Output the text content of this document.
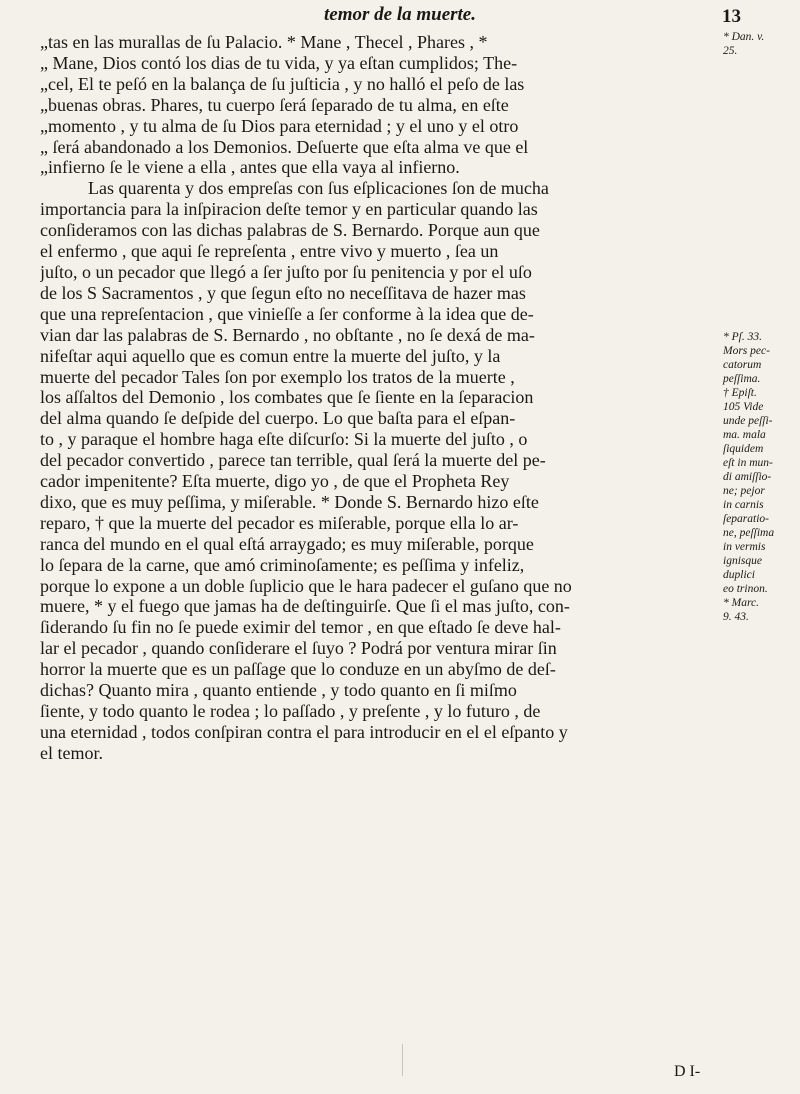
temor de la muerte.	13
„tas en las murallas de ſu Palacio. * Mane , Thecel , Phares , *
„ Mane, Dios contó los dias de tu vida, y ya eſtan cumplidos; The-
„cel, El te peſó en la balança de ſu juſticia , y no halló el peſo de las
„buenas obras. Phares, tu cuerpo ſerá ſeparado de tu alma, en eſte
„momento , y tu alma de ſu Dios para eternidad ; y el uno y el otro
„ ſerá abandonado a los Demonios. Deſuerte que eſta alma ve que el
„infierno ſe le viene a ella , antes que ella vaya al infierno.
Las quarenta y dos empreſas con ſus eſplicaciones ſon de mucha
importancia para la inſpiracion deſte temor y en particular quando las
conſideramos con las dichas palabras de S. Bernardo. Porque aun que
el enfermo , que aqui ſe repreſenta , entre vivo y muerto , ſea un
juſto, o un pecador que llegó a ſer juſto por ſu penitencia y por el uſo
de los S Sacramentos , y que ſegun eſto no neceſſitava de hazer mas
que una repreſentacion , que vinieſſe a ſer conforme à la idea que de-
vian dar las palabras de S. Bernardo , no obſtante , no ſe dexá de ma-
nifeſtar aqui aquello que es comun entre la muerte del juſto, y la
muerte del pecador Tales ſon por exemplo los tratos de la muerte ,
los aſſaltos del Demonio , los combates que ſe ſiente en la ſeparacion
del alma quando ſe deſpide del cuerpo. Lo que baſta para el eſpan-
to , y paraque el hombre haga eſte diſcurſo: Si la muerte del juſto , o
del pecador convertido , parece tan terrible, qual ſerá la muerte del pe-
cador impenitente? Eſta muerte, digo yo , de que el Propheta Rey
dixo, que es muy peſſima, y miſerable. * Donde S. Bernardo hizo eſte
reparo, † que la muerte del pecador es miſerable, porque ella lo ar-
ranca del mundo en el qual eſtá arraygado; es muy miſerable, porque
lo ſepara de la carne, que amó criminoſamente; es peſſima y infeliz,
porque lo expone a un doble ſuplicio que le hara padecer el guſano que no
muere, * y el fuego que jamas ha de deſtinguirſe. Que ſi el mas juſto, con-
ſiderando ſu fin no ſe puede eximir del temor , en que eſtado ſe deve hal-
lar el pecador , quando conſiderare el ſuyo ? Podrá por ventura mirar ſin
horror la muerte que es un paſſage que lo conduze en un abyſmo de deſ-
dichas? Quanto mira , quanto entiende , y todo quanto en ſi miſmo
ſiente, y todo quanto le rodea ; lo paſſado , y preſente , y lo futuro , de
una eternidad , todos conſpiran contra el para introducir en el el eſpanto y
el temor.
* Dan. v.
25.
* Pſ. 33.
Mors pec-
catorum
peſſima.
† Epiſt.
105 Vide
unde peſſi-
ma. mala
ſiquidem
eſt in mun-
di amiſſio-
ne; pejor
in carnis
ſeparatio-
ne, peſſima
in vermis
ignisque
duplici
eo trinon.
* Marc.
9. 43.
D I-
